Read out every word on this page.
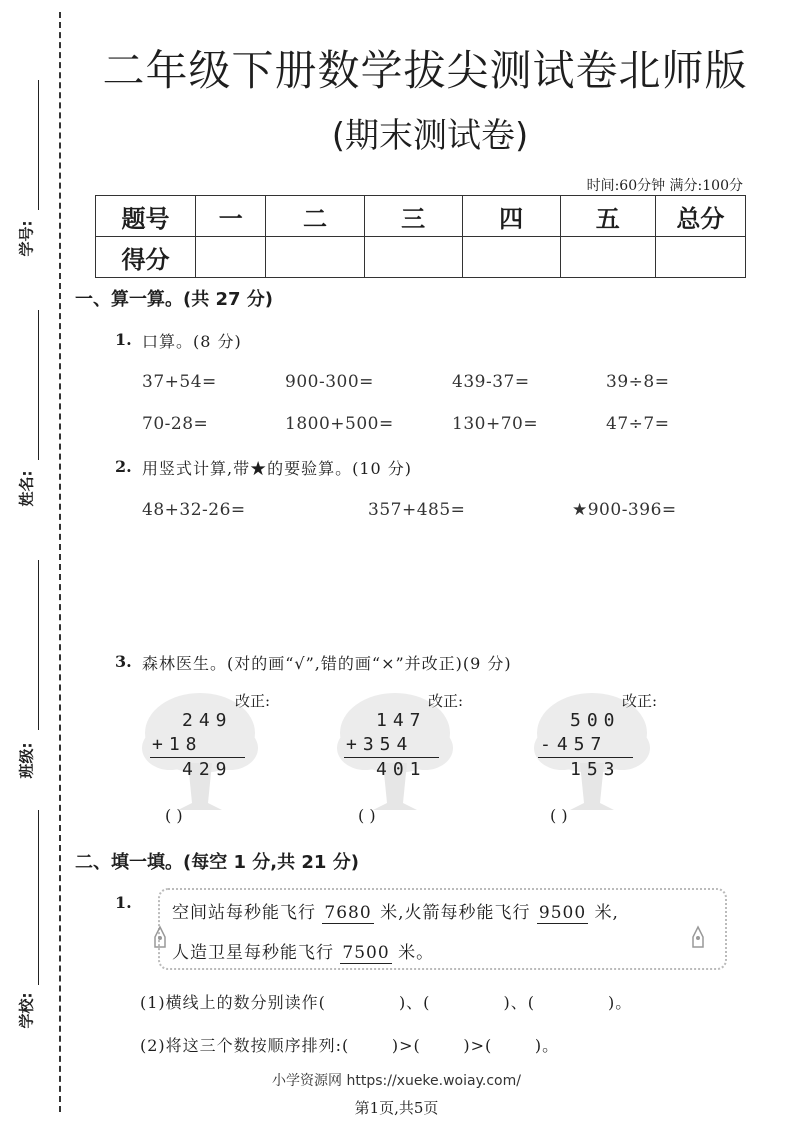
学号:
姓名:
班级:
学校:
二年级下册数学拔尖测试卷北师版
(期末测试卷)
时间:60分钟 满分:100分
题号	一	二	三	四	五	总分
得分						
一、算一算。(共 27 分)
1. 口算。(8 分)
37+54=	900-300=	439-37=	39÷8=
70-28=	1800+500=	130+70=	47÷7=
2. 用竖式计算,带★的要验算。(10 分)
48+32-26=	357+485=	★900-396=
3. 森林医生。(对的画“√”,错的画“×”并改正)(9 分)
改正:
249
+18
429
( )
改正:
147
+354
401
( )
改正:
500
-457
153
( )
二、填一填。(每空 1 分,共 21 分)
1.
空间站每秒能飞行 7680 米,火箭每秒能飞行 9500 米,
人造卫星每秒能飞行 7500 米。
(1)横线上的数分别读作(            )、(            )、(            )。
(2)将这三个数按顺序排列:(       )>(       )>(       )。
小学资源网 https://xueke.woiay.com/
第1页,共5页
